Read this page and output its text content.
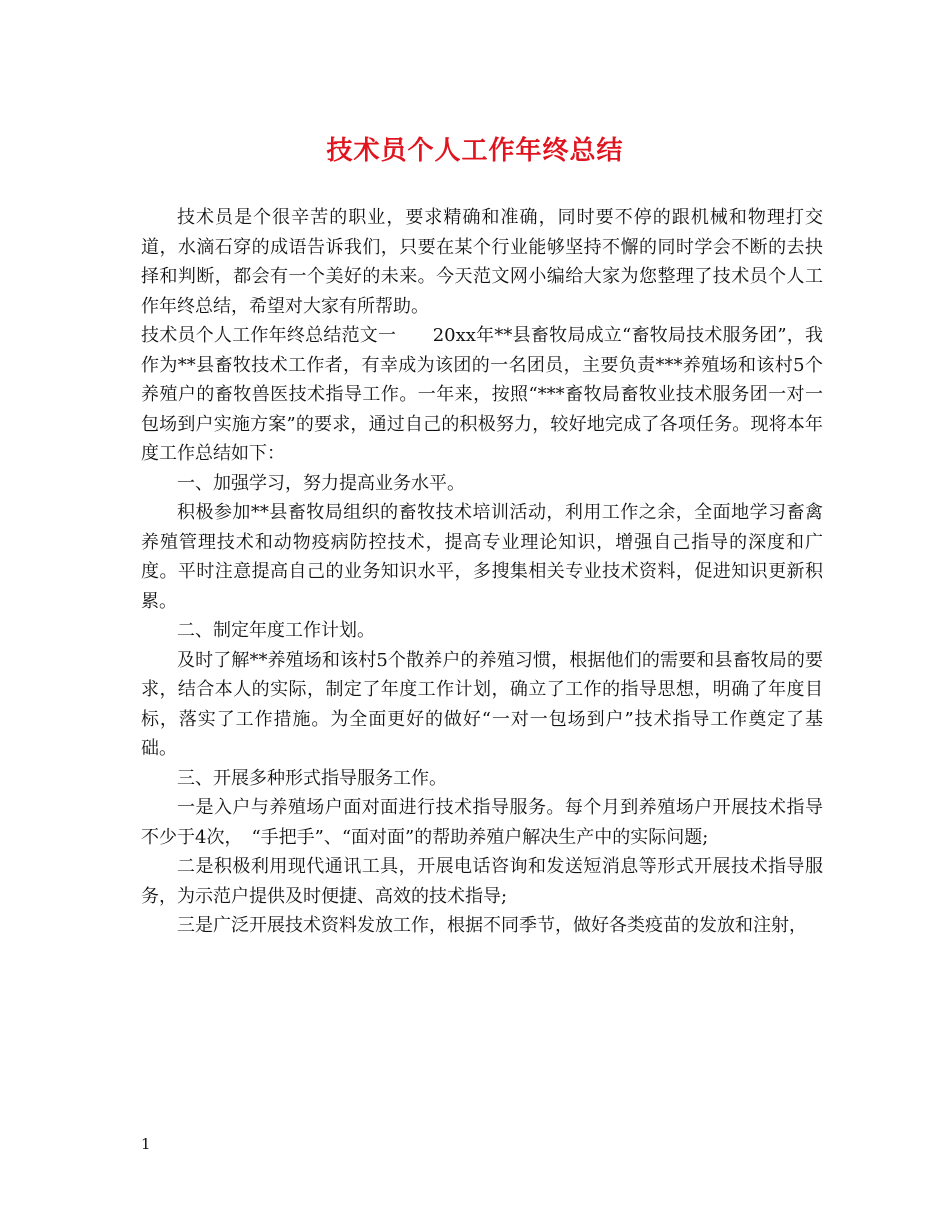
技术员个人工作年终总结

技术员是个很辛苦的职业，要求精确和准确，同时要不停的跟机械和物理打交道，水滴石穿的成语告诉我们，只要在某个行业能够坚持不懈的同时学会不断的去抉择和判断，都会有一个美好的未来。今天范文网小编给大家为您整理了技术员个人工作年终总结，希望对大家有所帮助。

技术员个人工作年终总结范文一　　20xx年**县畜牧局成立“畜牧局技术服务团”，我作为**县畜牧技术工作者，有幸成为该团的一名团员，主要负责***养殖场和该村5个养殖户的畜牧兽医技术指导工作。一年来，按照“***畜牧局畜牧业技术服务团一对一包场到户实施方案”的要求，通过自己的积极努力，较好地完成了各项任务。现将本年度工作总结如下：

一、加强学习，努力提高业务水平。

积极参加**县畜牧局组织的畜牧技术培训活动，利用工作之余，全面地学习畜禽养殖管理技术和动物疫病防控技术，提高专业理论知识，增强自己指导的深度和广度。平时注意提高自己的业务知识水平，多搜集相关专业技术资料，促进知识更新积累。

二、制定年度工作计划。

及时了解**养殖场和该村5个散养户的养殖习惯，根据他们的需要和县畜牧局的要求，结合本人的实际，制定了年度工作计划，确立了工作的指导思想，明确了年度目标，落实了工作措施。为全面更好的做好“一对一包场到户”技术指导工作奠定了基础。

三、开展多种形式指导服务工作。

一是入户与养殖场户面对面进行技术指导服务。每个月到养殖场户开展技术指导不少于4次，　“手把手”、“面对面”的帮助养殖户解决生产中的实际问题;

二是积极利用现代通讯工具，开展电话咨询和发送短消息等形式开展技术指导服务，为示范户提供及时便捷、高效的技术指导;

三是广泛开展技术资料发放工作，根据不同季节，做好各类疫苗的发放和注射，

1
